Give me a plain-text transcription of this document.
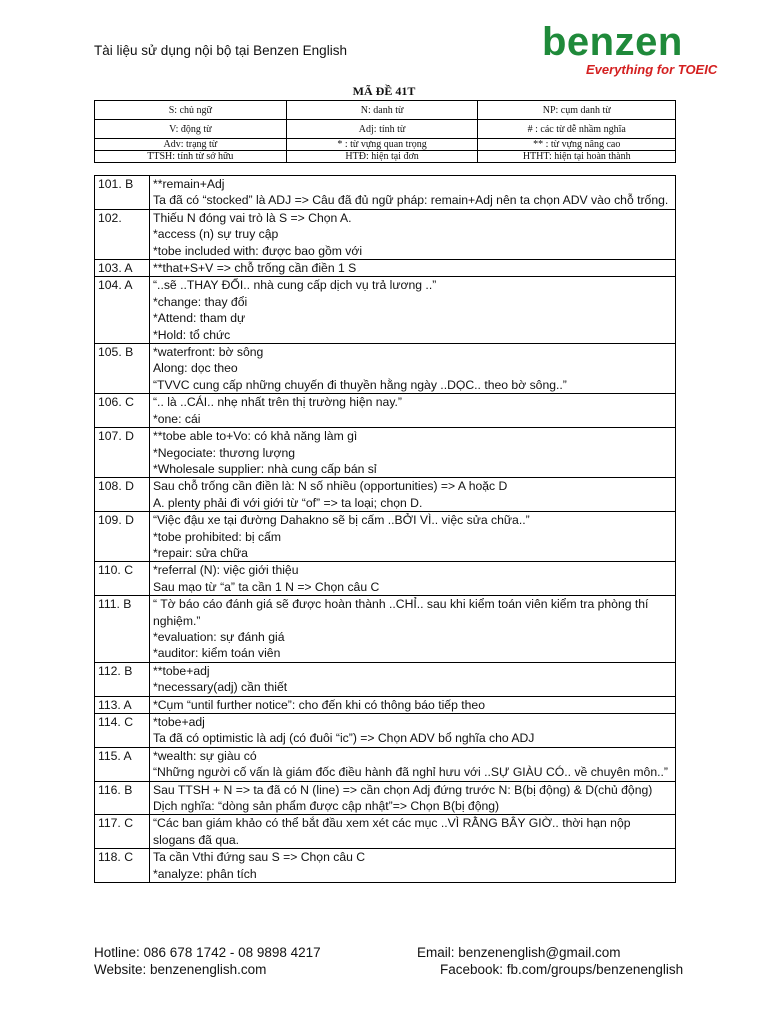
Tài liệu sử dụng nội bộ tại Benzen English	benzen
Everything for TOEIC
MÃ ĐỀ 41T
S: chủ ngữ	N: danh từ	NP: cụm danh từ
V: động từ	Adj: tính từ	# : các từ dễ nhầm nghĩa
Adv: trạng từ	* : từ vựng quan trọng	** : từ vựng nâng cao
TTSH: tính từ sở hữu	HTĐ: hiện tại đơn	HTHT: hiện tại hoàn thành
101. B	**remain+Adj
Ta đã có “stocked” là ADJ => Câu đã đủ ngữ pháp: remain+Adj nên ta chọn ADV vào chỗ trống.

102.	Thiếu N đóng vai trò là S => Chọn A.
*access (n) sự truy cập
*tobe included with: được bao gồm với

103. A	**that+S+V => chỗ trống cần điền 1 S

104. A	“..sẽ ..THAY ĐỔI.. nhà cung cấp dịch vụ trả lương ..”
*change: thay đổi
*Attend: tham dự
*Hold: tổ chức

105. B	*waterfront: bờ sông
Along: dọc theo
“TVVC cung cấp những chuyến đi thuyền hằng ngày ..DỌC.. theo bờ sông..”

106. C	“.. là ..CÁI.. nhẹ nhất trên thị trường hiện nay.”
*one: cái

107. D	**tobe able to+Vo: có khả năng làm gì
*Negociate: thương lượng
*Wholesale supplier: nhà cung cấp bán sỉ

108. D	Sau chỗ trống cần điền là: N số nhiều (opportunities) => A hoặc D
A. plenty phải đi với giới từ “of” => ta loại; chọn D.

109. D	“Việc đậu xe tại đường Dahakno sẽ bị cấm ..BỞI VÌ.. việc sửa chữa..”
*tobe prohibited: bị cấm
*repair: sửa chữa

110. C	*referral (N): việc giới thiệu
Sau mạo từ “a” ta cần 1 N => Chọn câu C

111. B	“ Tờ báo cáo đánh giá sẽ được hoàn thành ..CHỈ.. sau khi kiểm toán viên kiểm tra phòng thí nghiệm.”
*evaluation: sự đánh giá
*auditor: kiểm toán viên

112. B	**tobe+adj
*necessary(adj) cần thiết

113. A	*Cụm “until further notice”: cho đến khi có thông báo tiếp theo

114. C	*tobe+adj
Ta đã có optimistic là adj (có đuôi “ic”) => Chọn ADV bổ nghĩa cho ADJ

115. A	*wealth: sự giàu có
“Những người cố vấn là giám đốc điều hành đã nghỉ hưu với ..SỰ GIÀU CÓ.. về chuyên môn..”

116. B	Sau TTSH + N => ta đã có N (line) => cần chọn Adj đứng trước N: B(bị động) & D(chủ động)
Dịch nghĩa: “dòng sản phẩm được cập nhật”=> Chọn B(bị động)

117. C	“Các ban giám khảo có thể bắt đầu xem xét các mục ..VÌ RẰNG BÂY GIỜ.. thời hạn nộp slogans đã qua.

118. C	Ta cần Vthi đứng sau S => Chọn câu C
*analyze: phân tích
Hotline: 086 678 1742 - 08 9898 4217
Website: benzenenglish.com
Email: benzenenglish@gmail.com
Facebook: fb.com/groups/benzenenglish
